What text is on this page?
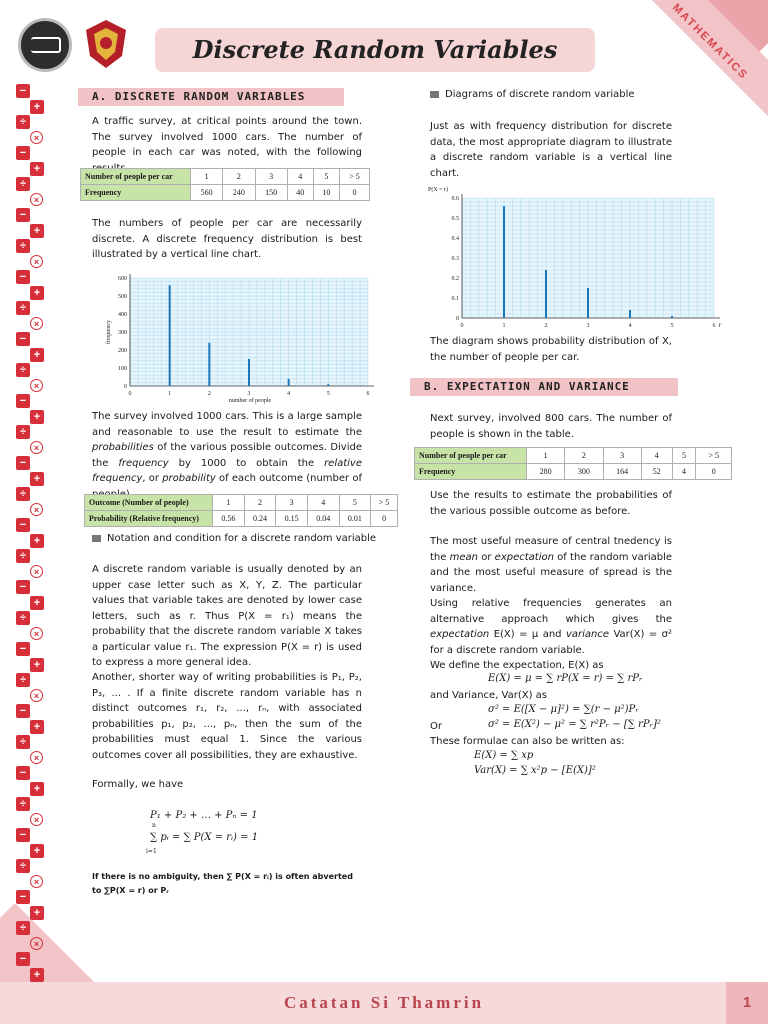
MATHEMATICS
Discrete Random Variables
−
+
÷
×
−
+
÷
×
−
+
÷
×
−
+
÷
×
−
+
÷
×
−
+
÷
×
−
+
÷
×
−
+
÷
×
−
+
÷
×
−
+
÷
×
−
+
÷
×
−
+
÷
×
−
+
÷
×
−
+
÷
×
−
+
A. DISCRETE RANDOM VARIABLES
A traffic survey, at critical points around the town. The survey involved 1000 cars. The number of people in each car was noted, with the following
Number of people per car	1	2	3	4	5	> 5
Frequency	560	240	150	40	10	0
The numbers of people per car are necessarily discrete. A discrete frequency distribution is best illustrated by a vertical line chart.
0	1	2	3	4	5	6
0
100
200
300
400
500
600
frequency
number of people
The survey involved 1000 cars. This is a large sample and reasonable to use the result to estimate the probabilities of the various possible outcomes. Divide the frequency by 1000 to obtain the relative frequency, or probability of each outcome (number of
Outcome (Number of people)	1	2	3	4	5	> 5
Probability (Relative frequency)	0.56	0.24	0.15	0.04	0.01	0
Notation and condition for a discrete random variable
A discrete random variable is usually denoted by an upper case letter such as X, Y, Z. The particular values that variable takes are denoted by lower case letters, such as r. Thus P(X = r₁) means the probability that the discrete random variable X takes a particular value r₁. The expression P(X = r) is used to express a more general idea.
Another, shorter way of writing probabilities is P₁, P₂, P₃, ... . If a finite discrete random variable has n distinct outcomes r₁, r₂, ..., rₙ, with associated probabilities p₁, p₂, ..., pₙ, then the sum of the probabilities must equal 1. Since the various outcomes cover all possibilities, they are exhaustive.
Formally, we have
P₁ + P₂ + … + Pₙ = 1
∑ pᵢ = ∑ P(X = rᵢ) = 1
n
i=1
If there is no ambiguity, then ∑ P(X = rᵢ) is often abverted to ∑P(X = r) or Pᵣ
Diagrams of discrete random variable
Just as with frequency distribution for discrete data, the most appropriate diagram to illustrate a discrete random variable is a vertical line chart.
0	1	2	3	4	5	6
0
0.1
0.2
0.3
0.4
0.5
0.6
P(X = r)
r
The diagram shows probability distribution of X, the number of people per car.
B. EXPECTATION AND VARIANCE
Next survey, involved 800 cars. The number of people is shown in the table.
Number of people per car	1	2	3	4	5	> 5
Frequency	280	300	164	52	4	0
Use the results to estimate the probabilities of the various possible outcome as before.
The most useful measure of central tnedency is the mean or expectation of the random variable and the most useful measure of spread is the variance.
Using relative frequencies generates an alternative approach which gives the expectation E(X) = μ and variance Var(X) = σ² for a discrete random variable.
We define the expectation, E(X) as
E(X) = μ = ∑ rP(X = r) = ∑ rPᵣ
and Variance, Var(X) as
σ² = E([X − μ]²) = ∑(r − μ²)Pᵣ
Or	σ² = E(X²) − μ² = ∑ r²Pᵣ − [∑ rPᵣ]²
These formulae can also be written as:
E(X) = ∑ xp
Var(X) = ∑ x²p − [E(X)]²
Catatan Si Thamrin	1
